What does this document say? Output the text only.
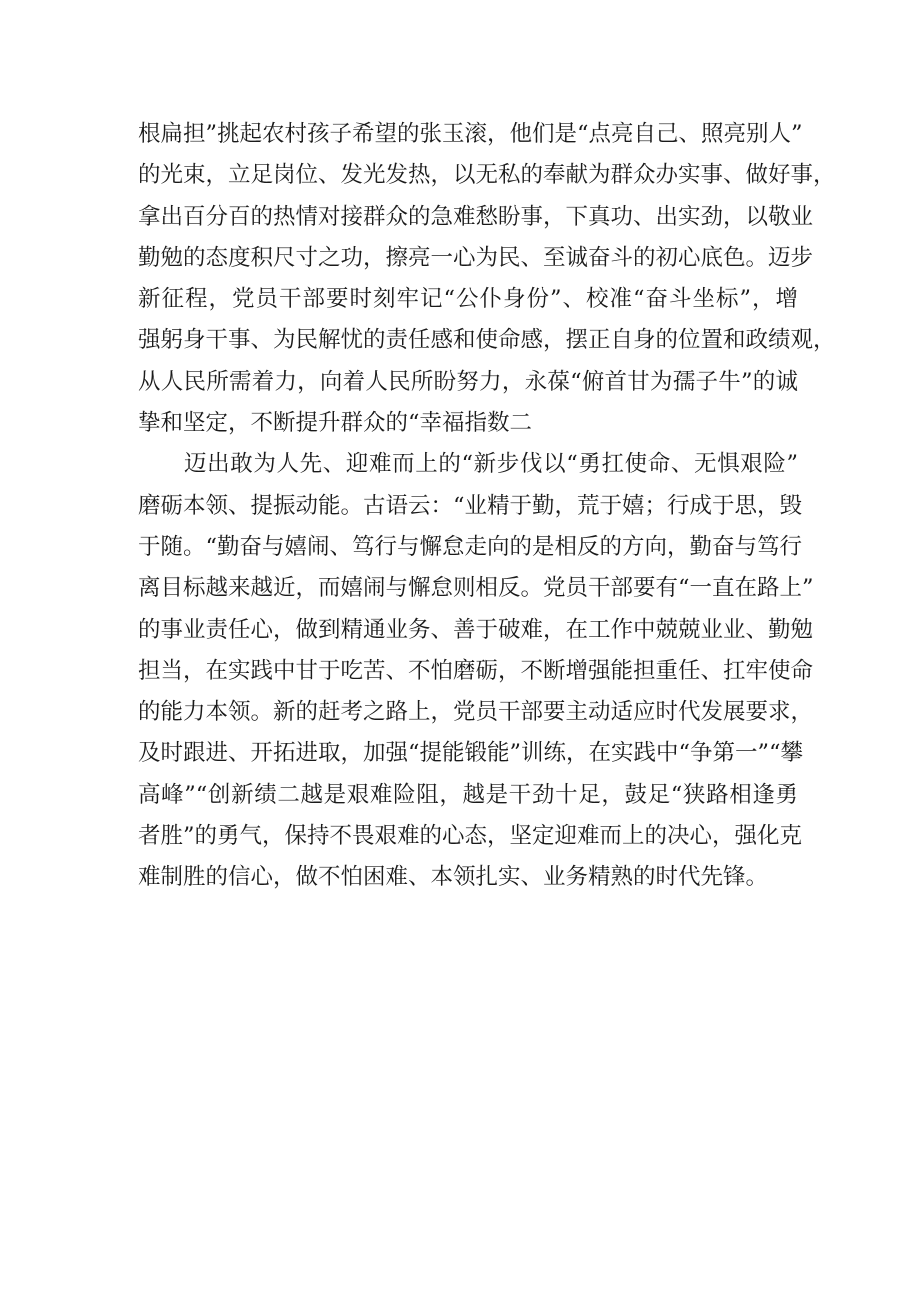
根扁担”挑起农村孩子希望的张玉滚，他们是“点亮自己、照亮别人”
的光束，立足岗位、发光发热，以无私的奉献为群众办实事、做好事，
拿出百分百的热情对接群众的急难愁盼事，下真功、出实劲，以敬业
勤勉的态度积尺寸之功，擦亮一心为民、至诚奋斗的初心底色。迈步
新征程，党员干部要时刻牢记“公仆身份”、校准“奋斗坐标”，增
强躬身干事、为民解忧的责任感和使命感，摆正自身的位置和政绩观，
从人民所需着力，向着人民所盼努力，永葆“俯首甘为孺子牛”的诚
挚和坚定，不断提升群众的“幸福指数二
迈出敢为人先、迎难而上的“新步伐以“勇扛使命、无惧艰险”
磨砺本领、提振动能。古语云：“业精于勤，荒于嬉；行成于思，毁
于随。“勤奋与嬉闹、笃行与懈怠走向的是相反的方向，勤奋与笃行
离目标越来越近，而嬉闹与懈怠则相反。党员干部要有“一直在路上”
的事业责任心，做到精通业务、善于破难，在工作中兢兢业业、勤勉
担当，在实践中甘于吃苦、不怕磨砺，不断增强能担重任、扛牢使命
的能力本领。新的赶考之路上，党员干部要主动适应时代发展要求，
及时跟进、开拓进取，加强“提能锻能”训练，在实践中“争第一”“攀
高峰”“创新绩二越是艰难险阻，越是干劲十足，鼓足“狭路相逢勇
者胜”的勇气，保持不畏艰难的心态，坚定迎难而上的决心，强化克
难制胜的信心，做不怕困难、本领扎实、业务精熟的时代先锋。
